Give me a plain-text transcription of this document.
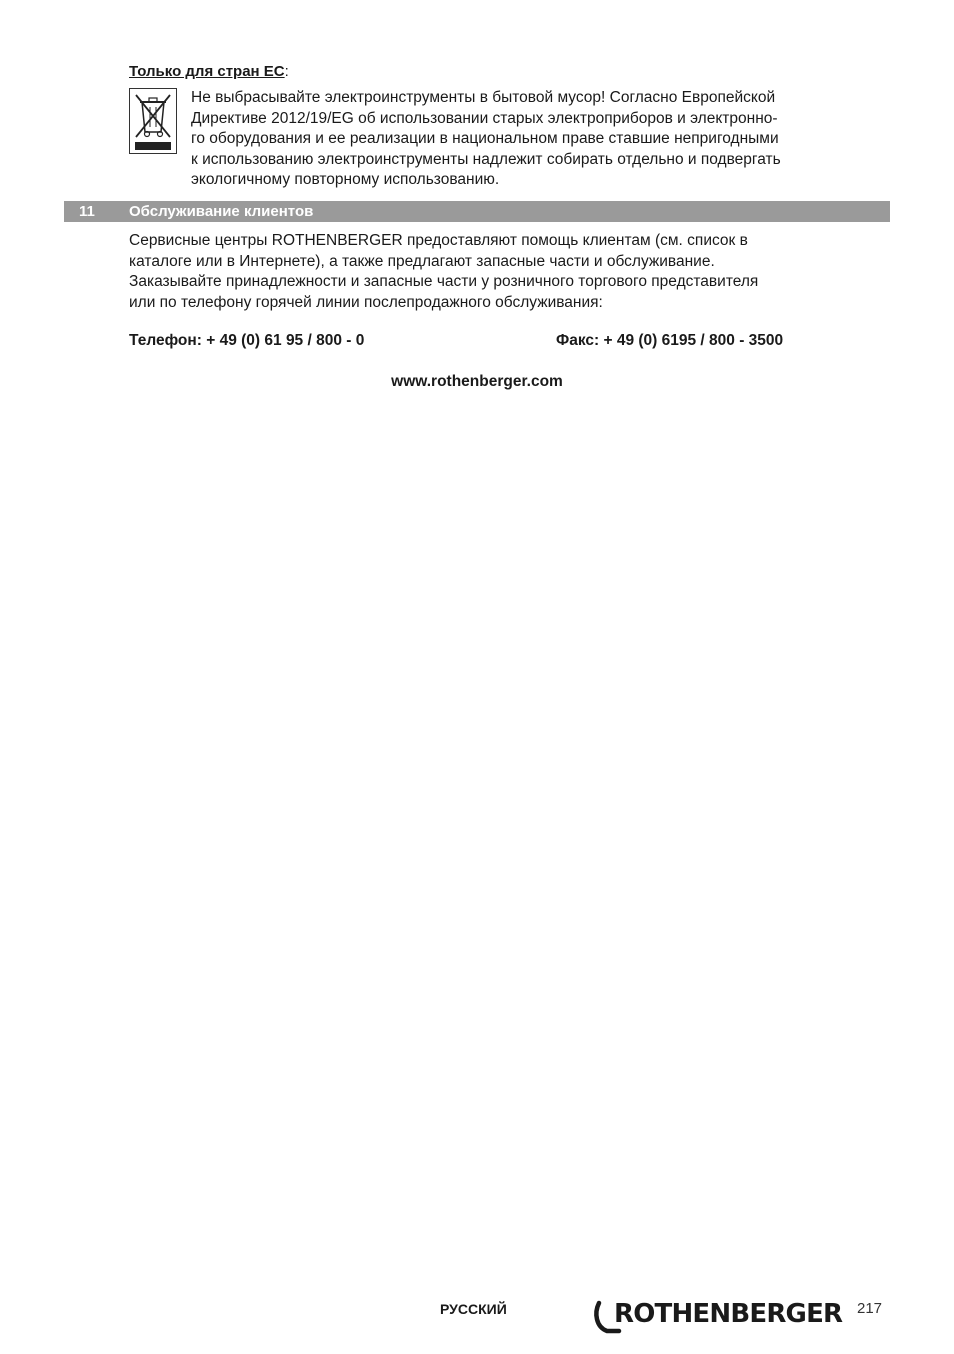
Только для стран ЕС:
Не выбрасывайте электроинструменты в бытовой мусор! Согласно Европейской
Директиве 2012/19/EG об использовании старых электроприборов и электронно-
го оборудования и ее реализации в национальном праве ставшие непригодными
к использованию электроинструменты надлежит собирать отдельно и подвергать
экологичному повторному использованию.
11 Обслуживание клиентов
Сервисные центры ROTHENBERGER предоставляют помощь клиентам (см. список в
каталоге или в Интернете), а также предлагают запасные части и обслуживание.
Заказывайте принадлежности и запасные части у розничного торгового представителя
или по телефону горячей линии послепродажного обслуживания:
Телефон: + 49 (0) 61 95 / 800 - 0	Факс: + 49 (0) 6195 / 800 - 3500
www.rothenberger.com
РУССКИЙ	ROTHENBERGER 217
